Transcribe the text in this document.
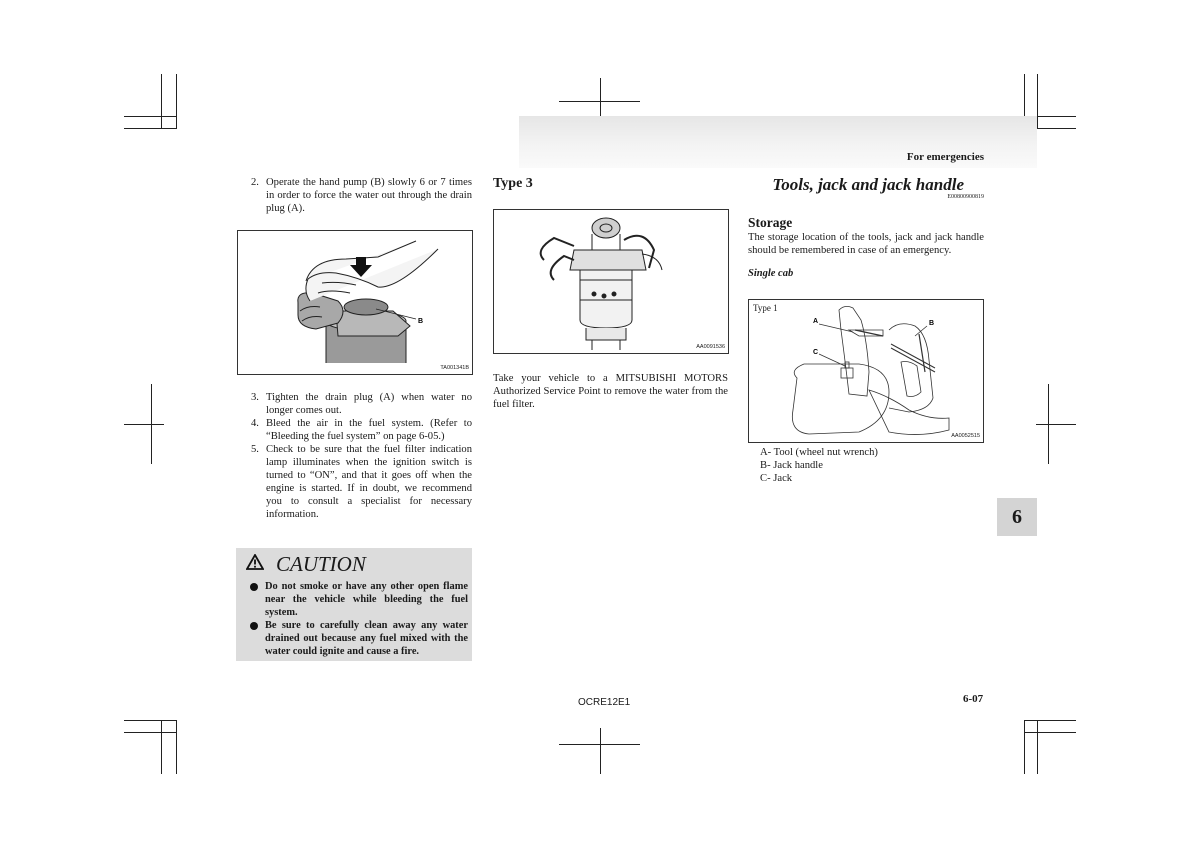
For emergencies
2. Operate the hand pump (B) slowly 6 or 7 times in order to force the water out through the drain plug (A).
B
TA001341B
3. Tighten the drain plug (A) when water no longer comes out.
4. Bleed the air in the fuel system. (Refer to “Bleeding the fuel system” on page 6-05.)
5. Check to be sure that the fuel filter indication lamp illuminates when the ignition switch is turned to “ON”, and that it goes off when the engine is started. If in doubt, we recommend you to consult a specialist for necessary information.
CAUTION
Do not smoke or have any other open flame near the vehicle while bleeding the fuel system.
Be sure to carefully clean away any water drained out because any fuel mixed with the water could ignite and cause a fire.
Type 3
AA0091536

Take your vehicle to a MITSUBISHI MOTORS Authorized Service Point to remove the water from the fuel filter.

Tools, jack and jack handle
E00800900819
Storage

The storage location of the tools, jack and jack handle should be remembered in case of an emergency.

Single cab
Type 1
A	B
C
AA0052515
A- Tool (wheel nut wrench)
B- Jack handle
C- Jack
6
OCRE12E1	6-07
